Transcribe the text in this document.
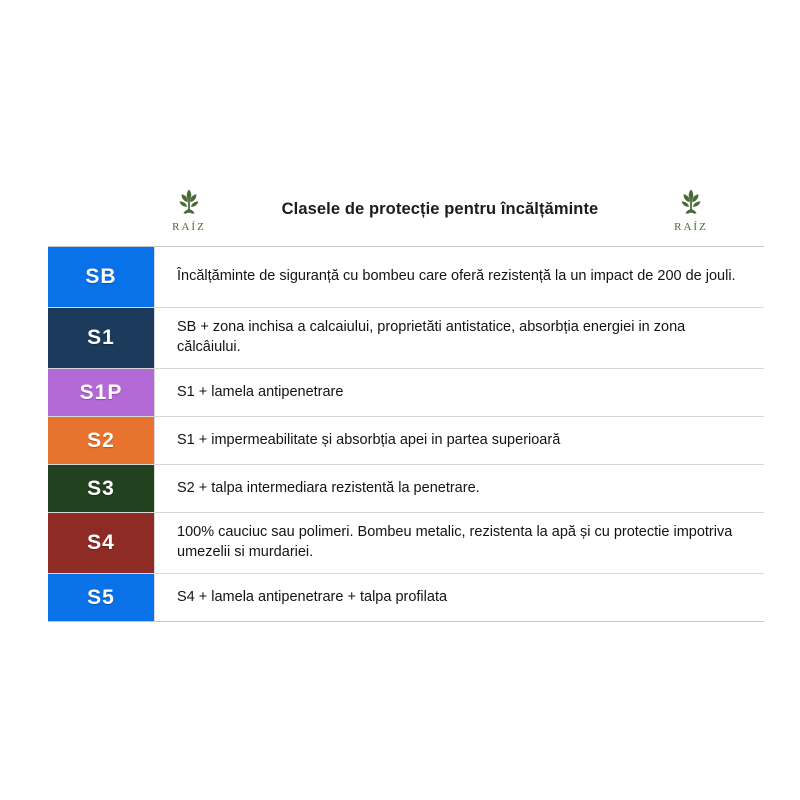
RAÍZ
Clasele de protecție pentru încălțăminte
RAÍZ
SB	Încălțăminte de siguranță cu bombeu care oferă rezistență la un impact de 200 de jouli.
S1	SB + zona inchisa a calcaiului, proprietăti antistatice, absorbția energiei in zona călcâiului.
S1P	S1 + lamela antipenetrare
S2	S1 + impermeabilitate și absorbția apei in partea superioară
S3	S2 + talpa intermediara rezistentă la penetrare.
S4	100% cauciuc sau polimeri. Bombeu metalic, rezistenta la apă și cu protectie impotriva umezelii si murdariei.
S5	S4 + lamela antipenetrare + talpa profilata
